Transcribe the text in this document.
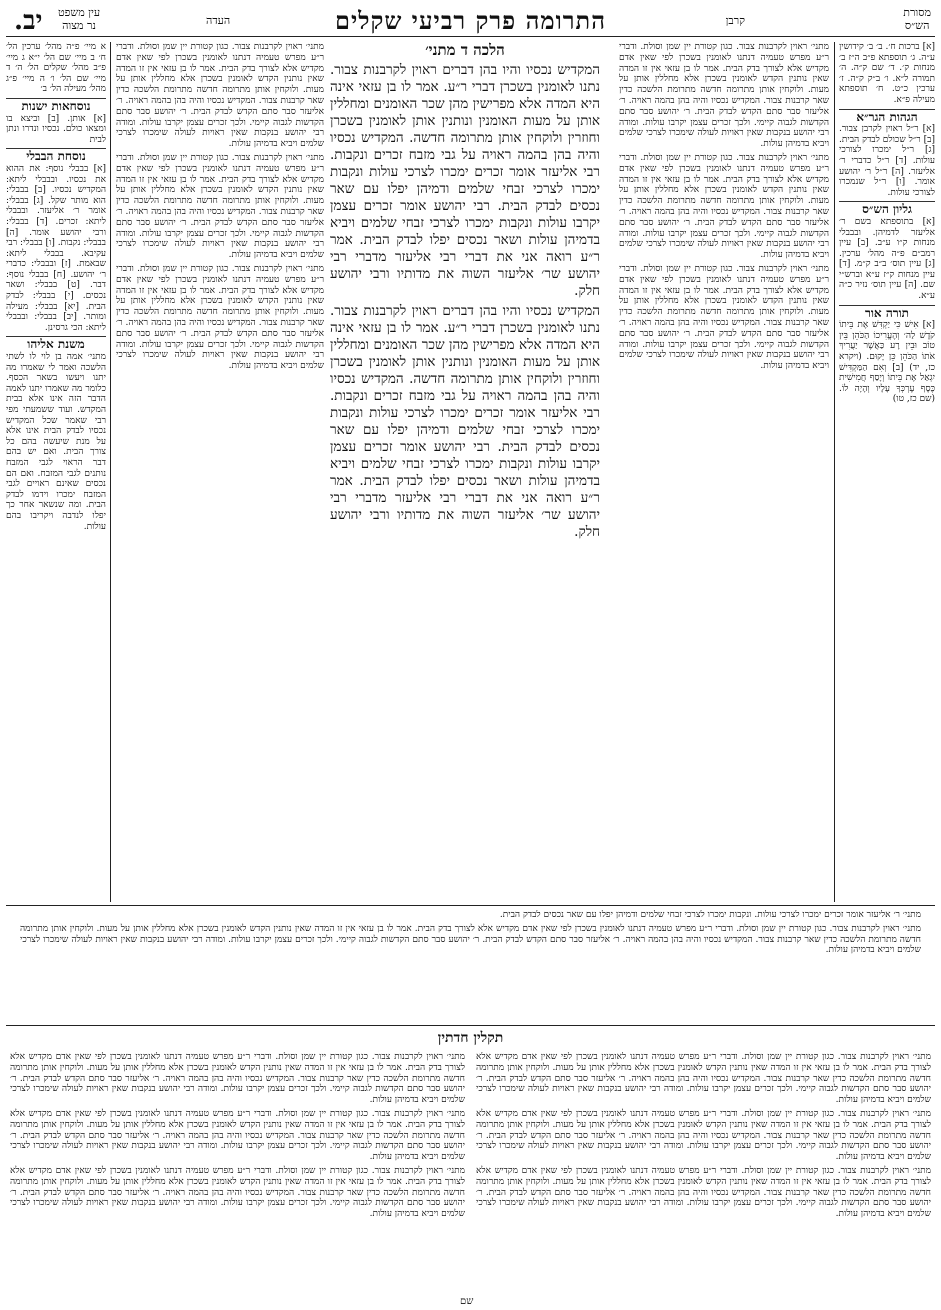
מסורת
הש״ס
קרבן
התרומה פרק רביעי שקלים
העדה
עין משפט
נר מצוה
יב.

[א] ברכות ח׳. ב׳ ב׳ קידושין ע״ה. ג׳ תוספתא פ״ב ה״ז ב׳ מנחות ק׳. ד׳ שם ק״ה. ה׳ תמורה ל״א. ו׳ ב״ק ק״ה. ז׳ ערכין כ״ט. ח׳ תוספתא מעילה פ״א.

הגהות הגר״א

[א] ר״ל ראוין לקרבן צבור. [ב] ר״ל שכולם לבדק הבית. [ג] ר״ל ימכרו לצורכי עולות. [ד] ר״ל כדברי ר׳ אליעזר. [ה] ר״ל ר׳ יהושע אומר. [ו] ר״ל שנמכרו לצורכי עולות.

גליון הש״ס

[א] בתוספתא בשם ר׳ אליעזר לדמיהן. ובבבלי מנחות ק״ו ע״ב. [ב] עיין רמב״ם פ״ה מהל׳ ערכין. [ג] עיין תוס׳ ב״ב ק״מ. [ד] עיין מנחות ק״ז ע״א וברש״י שם. [ה] עיין תוס׳ נזיר כ״ה ע״א.

תורה אור

[א] אִישׁ כִּי יַקְדִּשׁ אֶת בֵּיתוֹ קֹדֶשׁ לַה׳ וְהֶעֱרִיכוֹ הַכֹּהֵן בֵּין טוֹב וּבֵין רָע כַּאֲשֶׁר יַעֲרִיךְ אֹתוֹ הַכֹּהֵן כֵּן יָקוּם. (ויקרא כז, יד) [ב] וְאִם הַמַּקְדִּישׁ יִגְאַל אֶת בֵּיתוֹ וְיָסַף חֲמִישִׁית כֶּסֶף עֶרְכְּךָ עָלָיו וְהָיָה לוֹ. (שם כז, טו)

א מיי׳ פ״ה מהל׳ ערכין הל׳ ח׳ ב מיי׳ שם הל׳ י״א ג מיי׳ פ״ב מהל׳ שקלים הל׳ ה׳ ד מיי׳ שם הל׳ ו׳ ה מיי׳ פ״ג מהל׳ מעילה הל׳ ב׳

נוסחאות ישנות

[א] אותן. [ב] וביצא בו ומצאו כולם. נכסיו ונדרו ונתן לבית

נוסחת הבבלי

[א] בבבלי נוסף: את ההוא את נכסיו. ובבבלי ליתא: המקדיש נכסיו. [ב] בבבלי: הוא מותר שקל. [ג] בבבלי: אומר ר׳ אליעזר. ובבבלי ליתא: זכרים. [ד] בבבלי: ורבי יהושע אומר. [ה] בבבלי: נקבות. [ו] בבבלי: רבי עקיבא. בבבלי ליתא: שבאמת. [ז] ובבבלי: כדברי ר׳ יהושע. [ח] בבבלי נוסף: דבר. [ט] בבבלי: ושאר נכסים. [י] בבבלי: לבדק הבית. [יא] בבבלי: מעילה ומותר. [יב] בבבלי: ובבבלי ליתא: הכי גרסינן.

משנת אליהו

מתני׳ אמה בן לוי לו לשתי הלשכה ואמר לי שאמרו מה יתנו ויעשו בשאר הכסף. כלומר מה שאמרו יתנו לאמה הדבר הזה אינו אלא בבית המקדש. ועוד ששמעתי מפי רבי שאמר שכל המקדיש נכסיו לבדק הבית אינו אלא על מנת שיעשה בהם כל צורך הבית. ואם יש בהם דבר הראוי לגבי המזבח נותנים לגבי המזבח. ואם הם נכסים שאינם ראויים לגבי המזבח ימכרו וידמו לבדק הבית. ומה שנשאר אחר כך יפלו לנדבה ויקריבו בהם עולות.

מתני׳ ראוין לקרבנות צבור. כגון קטורת יין שמן וסולת. ודברי ר״ע מפרש טעמיה דנתנו לאומנין בשכרן לפי שאין אדם מקדיש אלא לצורך בדק הבית. אמר לו בן עזאי אין זו המדה שאין נותנין הקדש לאומנין בשכרן אלא מחללין אותן על מעות. ולוקחין אותן מתרומה חדשה מתרומת הלשכה כדין שאר קרבנות צבור. המקדיש נכסיו והיה בהן בהמה ראויה. ר׳ אליעזר סבר סתם הקדש לבדק הבית. ר׳ יהושע סבר סתם הקדשות לגבוה קיימי. ולכך זכרים עצמן יקרבו עולות. ומודה רבי יהושע בנקבות שאין ראויות לעולה שימכרו לצרכי שלמים ויביא בדמיהן עולות.

מתני׳ ראוין לקרבנות צבור. כגון קטורת יין שמן וסולת. ודברי ר״ע מפרש טעמיה דנתנו לאומנין בשכרן לפי שאין אדם מקדיש אלא לצורך בדק הבית. אמר לו בן עזאי אין זו המדה שאין נותנין הקדש לאומנין בשכרן אלא מחללין אותן על מעות. ולוקחין אותן מתרומה חדשה מתרומת הלשכה כדין שאר קרבנות צבור. המקדיש נכסיו והיה בהן בהמה ראויה. ר׳ אליעזר סבר סתם הקדש לבדק הבית. ר׳ יהושע סבר סתם הקדשות לגבוה קיימי. ולכך זכרים עצמן יקרבו עולות. ומודה רבי יהושע בנקבות שאין ראויות לעולה שימכרו לצרכי שלמים ויביא בדמיהן עולות.

מתני׳ ראוין לקרבנות צבור. כגון קטורת יין שמן וסולת. ודברי ר״ע מפרש טעמיה דנתנו לאומנין בשכרן לפי שאין אדם מקדיש אלא לצורך בדק הבית. אמר לו בן עזאי אין זו המדה שאין נותנין הקדש לאומנין בשכרן אלא מחללין אותן על מעות. ולוקחין אותן מתרומה חדשה מתרומת הלשכה כדין שאר קרבנות צבור. המקדיש נכסיו והיה בהן בהמה ראויה. ר׳ אליעזר סבר סתם הקדש לבדק הבית. ר׳ יהושע סבר סתם הקדשות לגבוה קיימי. ולכך זכרים עצמן יקרבו עולות. ומודה רבי יהושע בנקבות שאין ראויות לעולה שימכרו לצרכי שלמים ויביא בדמיהן עולות.

הלכה ד מתני׳

המקדיש נכסיו והיו בהן דברים ראוין לקרבנות צבור. נתנו לאומנין בשכרן דברי ר״ע. אמר לו בן עזאי אינה היא המדה אלא מפרישין מהן שכר האומנים ומחללין אותן על מעות האומנין ונותנין אותן לאומנין בשכרן וחוזרין ולוקחין אותן מתרומה חדשה. המקדיש נכסיו והיה בהן בהמה ראויה על גבי מזבח זכרים ונקבות. רבי אליעזר אומר זכרים ימכרו לצרכי עולות ונקבות ימכרו לצרכי זבחי שלמים ודמיהן יפלו עם שאר נכסים לבדק הבית. רבי יהושע אומר זכרים עצמן יקרבו עולות ונקבות ימכרו לצרכי זבחי שלמים ויביא בדמיהן עולות ושאר נכסים יפלו לבדק הבית. אמר ר״ע רואה אני את דברי רבי אליעזר מדברי רבי יהושע שר׳ אליעזר השוה את מדותיו ורבי יהושע חלק.

המקדיש נכסיו והיו בהן דברים ראוין לקרבנות צבור. נתנו לאומנין בשכרן דברי ר״ע. אמר לו בן עזאי אינה היא המדה אלא מפרישין מהן שכר האומנים ומחללין אותן על מעות האומנין ונותנין אותן לאומנין בשכרן וחוזרין ולוקחין אותן מתרומה חדשה. המקדיש נכסיו והיה בהן בהמה ראויה על גבי מזבח זכרים ונקבות. רבי אליעזר אומר זכרים ימכרו לצרכי עולות ונקבות ימכרו לצרכי זבחי שלמים ודמיהן יפלו עם שאר נכסים לבדק הבית. רבי יהושע אומר זכרים עצמן יקרבו עולות ונקבות ימכרו לצרכי זבחי שלמים ויביא בדמיהן עולות ושאר נכסים יפלו לבדק הבית. אמר ר״ע רואה אני את דברי רבי אליעזר מדברי רבי יהושע שר׳ אליעזר השוה את מדותיו ורבי יהושע חלק.

מתני׳ ראוין לקרבנות צבור. כגון קטורת יין שמן וסולת. ודברי ר״ע מפרש טעמיה דנתנו לאומנין בשכרן לפי שאין אדם מקדיש אלא לצורך בדק הבית. אמר לו בן עזאי אין זו המדה שאין נותנין הקדש לאומנין בשכרן אלא מחללין אותן על מעות. ולוקחין אותן מתרומה חדשה מתרומת הלשכה כדין שאר קרבנות צבור. המקדיש נכסיו והיה בהן בהמה ראויה. ר׳ אליעזר סבר סתם הקדש לבדק הבית. ר׳ יהושע סבר סתם הקדשות לגבוה קיימי. ולכך זכרים עצמן יקרבו עולות. ומודה רבי יהושע בנקבות שאין ראויות לעולה שימכרו לצרכי שלמים ויביא בדמיהן עולות.

מתני׳ ראוין לקרבנות צבור. כגון קטורת יין שמן וסולת. ודברי ר״ע מפרש טעמיה דנתנו לאומנין בשכרן לפי שאין אדם מקדיש אלא לצורך בדק הבית. אמר לו בן עזאי אין זו המדה שאין נותנין הקדש לאומנין בשכרן אלא מחללין אותן על מעות. ולוקחין אותן מתרומה חדשה מתרומת הלשכה כדין שאר קרבנות צבור. המקדיש נכסיו והיה בהן בהמה ראויה. ר׳ אליעזר סבר סתם הקדש לבדק הבית. ר׳ יהושע סבר סתם הקדשות לגבוה קיימי. ולכך זכרים עצמן יקרבו עולות. ומודה רבי יהושע בנקבות שאין ראויות לעולה שימכרו לצרכי שלמים ויביא בדמיהן עולות.

מתני׳ ראוין לקרבנות צבור. כגון קטורת יין שמן וסולת. ודברי ר״ע מפרש טעמיה דנתנו לאומנין בשכרן לפי שאין אדם מקדיש אלא לצורך בדק הבית. אמר לו בן עזאי אין זו המדה שאין נותנין הקדש לאומנין בשכרן אלא מחללין אותן על מעות. ולוקחין אותן מתרומה חדשה מתרומת הלשכה כדין שאר קרבנות צבור. המקדיש נכסיו והיה בהן בהמה ראויה. ר׳ אליעזר סבר סתם הקדש לבדק הבית. ר׳ יהושע סבר סתם הקדשות לגבוה קיימי. ולכך זכרים עצמן יקרבו עולות. ומודה רבי יהושע בנקבות שאין ראויות לעולה שימכרו לצרכי שלמים ויביא בדמיהן עולות.

מתני׳ ר׳ אליעזר אומר זכרים ימכרו לצרכי עולות. ונקבות ימכרו לצרכי זבחי שלמים ודמיהן יפלו עם שאר נכסים לבדק הבית.

מתני׳ ראוין לקרבנות צבור. כגון קטורת יין שמן וסולת. ודברי ר״ע מפרש טעמיה דנתנו לאומנין בשכרן לפי שאין אדם מקדיש אלא לצורך בדק הבית. אמר לו בן עזאי אין זו המדה שאין נותנין הקדש לאומנין בשכרן אלא מחללין אותן על מעות. ולוקחין אותן מתרומה חדשה מתרומת הלשכה כדין שאר קרבנות צבור. המקדיש נכסיו והיה בהן בהמה ראויה. ר׳ אליעזר סבר סתם הקדש לבדק הבית. ר׳ יהושע סבר סתם הקדשות לגבוה קיימי. ולכך זכרים עצמן יקרבו עולות. ומודה רבי יהושע בנקבות שאין ראויות לעולה שימכרו לצרכי שלמים ויביא בדמיהן עולות.

תקלין חדתין

מתני׳ ראוין לקרבנות צבור. כגון קטורת יין שמן וסולת. ודברי ר״ע מפרש טעמיה דנתנו לאומנין בשכרן לפי שאין אדם מקדיש אלא לצורך בדק הבית. אמר לו בן עזאי אין זו המדה שאין נותנין הקדש לאומנין בשכרן אלא מחללין אותן על מעות. ולוקחין אותן מתרומה חדשה מתרומת הלשכה כדין שאר קרבנות צבור. המקדיש נכסיו והיה בהן בהמה ראויה. ר׳ אליעזר סבר סתם הקדש לבדק הבית. ר׳ יהושע סבר סתם הקדשות לגבוה קיימי. ולכך זכרים עצמן יקרבו עולות. ומודה רבי יהושע בנקבות שאין ראויות לעולה שימכרו לצרכי שלמים ויביא בדמיהן עולות.

מתני׳ ראוין לקרבנות צבור. כגון קטורת יין שמן וסולת. ודברי ר״ע מפרש טעמיה דנתנו לאומנין בשכרן לפי שאין אדם מקדיש אלא לצורך בדק הבית. אמר לו בן עזאי אין זו המדה שאין נותנין הקדש לאומנין בשכרן אלא מחללין אותן על מעות. ולוקחין אותן מתרומה חדשה מתרומת הלשכה כדין שאר קרבנות צבור. המקדיש נכסיו והיה בהן בהמה ראויה. ר׳ אליעזר סבר סתם הקדש לבדק הבית. ר׳ יהושע סבר סתם הקדשות לגבוה קיימי. ולכך זכרים עצמן יקרבו עולות. ומודה רבי יהושע בנקבות שאין ראויות לעולה שימכרו לצרכי שלמים ויביא בדמיהן עולות.

מתני׳ ראוין לקרבנות צבור. כגון קטורת יין שמן וסולת. ודברי ר״ע מפרש טעמיה דנתנו לאומנין בשכרן לפי שאין אדם מקדיש אלא לצורך בדק הבית. אמר לו בן עזאי אין זו המדה שאין נותנין הקדש לאומנין בשכרן אלא מחללין אותן על מעות. ולוקחין אותן מתרומה חדשה מתרומת הלשכה כדין שאר קרבנות צבור. המקדיש נכסיו והיה בהן בהמה ראויה. ר׳ אליעזר סבר סתם הקדש לבדק הבית. ר׳ יהושע סבר סתם הקדשות לגבוה קיימי. ולכך זכרים עצמן יקרבו עולות. ומודה רבי יהושע בנקבות שאין ראויות לעולה שימכרו לצרכי שלמים ויביא בדמיהן עולות.

מתני׳ ראוין לקרבנות צבור. כגון קטורת יין שמן וסולת. ודברי ר״ע מפרש טעמיה דנתנו לאומנין בשכרן לפי שאין אדם מקדיש אלא לצורך בדק הבית. אמר לו בן עזאי אין זו המדה שאין נותנין הקדש לאומנין בשכרן אלא מחללין אותן על מעות. ולוקחין אותן מתרומה חדשה מתרומת הלשכה כדין שאר קרבנות צבור. המקדיש נכסיו והיה בהן בהמה ראויה. ר׳ אליעזר סבר סתם הקדש לבדק הבית. ר׳ יהושע סבר סתם הקדשות לגבוה קיימי. ולכך זכרים עצמן יקרבו עולות. ומודה רבי יהושע בנקבות שאין ראויות לעולה שימכרו לצרכי שלמים ויביא בדמיהן עולות.

מתני׳ ראוין לקרבנות צבור. כגון קטורת יין שמן וסולת. ודברי ר״ע מפרש טעמיה דנתנו לאומנין בשכרן לפי שאין אדם מקדיש אלא לצורך בדק הבית. אמר לו בן עזאי אין זו המדה שאין נותנין הקדש לאומנין בשכרן אלא מחללין אותן על מעות. ולוקחין אותן מתרומה חדשה מתרומת הלשכה כדין שאר קרבנות צבור. המקדיש נכסיו והיה בהן בהמה ראויה. ר׳ אליעזר סבר סתם הקדש לבדק הבית. ר׳ יהושע סבר סתם הקדשות לגבוה קיימי. ולכך זכרים עצמן יקרבו עולות. ומודה רבי יהושע בנקבות שאין ראויות לעולה שימכרו לצרכי שלמים ויביא בדמיהן עולות.

מתני׳ ראוין לקרבנות צבור. כגון קטורת יין שמן וסולת. ודברי ר״ע מפרש טעמיה דנתנו לאומנין בשכרן לפי שאין אדם מקדיש אלא לצורך בדק הבית. אמר לו בן עזאי אין זו המדה שאין נותנין הקדש לאומנין בשכרן אלא מחללין אותן על מעות. ולוקחין אותן מתרומה חדשה מתרומת הלשכה כדין שאר קרבנות צבור. המקדיש נכסיו והיה בהן בהמה ראויה. ר׳ אליעזר סבר סתם הקדש לבדק הבית. ר׳ יהושע סבר סתם הקדשות לגבוה קיימי. ולכך זכרים עצמן יקרבו עולות. ומודה רבי יהושע בנקבות שאין ראויות לעולה שימכרו לצרכי שלמים ויביא בדמיהן עולות.

שם
